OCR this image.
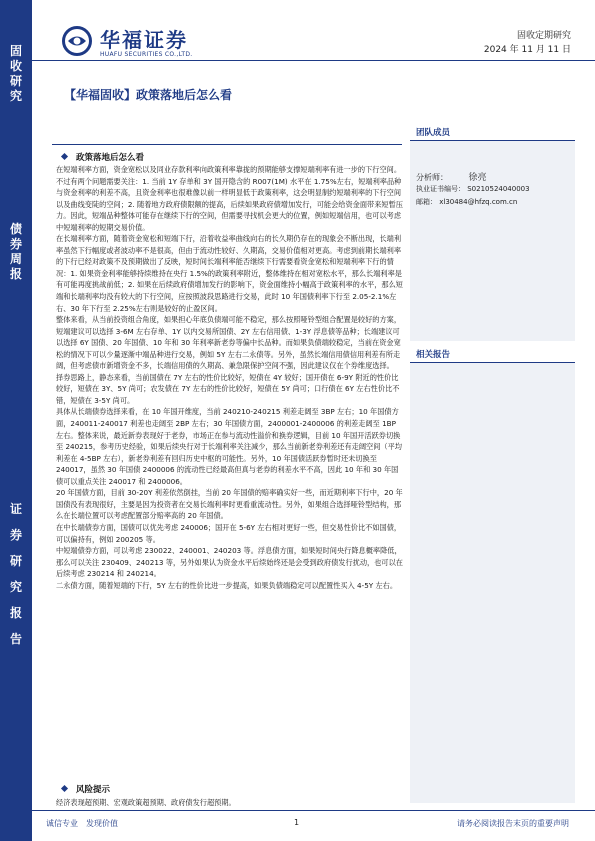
固
收
研
究
债
券
周
报
证
券
研
究
报
告
华福证券
HUAFU SECURITIES CO.,LTD.
固收定期研究
2024 年 11 月 11 日
【华福固收】政策落地后怎么看
政策落地后怎么看

在短端利率方面，资金宽松以及同业存款利率向政策利率靠拢的预期能够支撑短端利率有进一步的下行空间。不过有两个问题需要关注：1. 当前 1Y 存单和 3Y 国开隐含的 R007(1M) 水平在 1.75%左右，短端利率品种与资金利率的利差不高，且资金利率也很难像以前一样明显低于政策利率，这会明显制约短端利率的下行空间以及曲线变陡的空间；2. 随着地方政府债限额的提高，后续如果政府债增加发行，可能会给资金面带来短暂压力。因此，短端品种整体可能存在继续下行的空间，但需要寻找机会更大的位置，例如短端信用，也可以考虑中短端利率的短期交易价值。

在长端利率方面，随着资金宽松和短端下行，沿着收益率曲线向右的长久期仍存在的现象会不断出现，长端利率虽然下行幅度或者波动率不是很高，但由于流动性较好、久期高，交易价值相对更高。考虑到前期长端利率的下行已经对政策不及预期做出了反映，短时间长端利率能否继续下行需要看资金宽松和短端利率下行的情况：1. 如果资金利率能够持续维持在央行 1.5%的政策利率附近，整体维持在相对宽松水平，那么长端利率是有可能再度挑战前低；2. 如果在后续政府债增加发行的影响下，资金面维持小幅高于政策利率的水平，那么短端和长端利率均没有较大的下行空间，应按照波段思路进行交易，此时 10 年国债利率下行至 2.05-2.1%左右、30 年下行至 2.25%左右则是较好的止盈区间。

整体来看，从当前投资组合角度，如果担心年底负债端可能不稳定，那么按照哑铃型组合配置是较好的方案，短端建议可以选择 3-6M 左右存单、1Y 以内交易所国债、2Y 左右信用债、1-3Y 浮息债等品种；长端建议可以选择 6Y 国债、20 年国债、10 年和 30 年利率新老券等偏中长品种。而如果负债端较稳定，当前在资金宽松的情况下可以少量逐渐中端品种进行交易，例如 5Y 左右二永债等。另外，虽然长端信用债信用利差有所走阔，但考虑债市新增资金不多，长端信用债的久期高、兼急限保护空间不强，因此建议仅在个券维度选择。

择券思路上，静态来看，当前国债在 7Y 左右的性价比较好，短债在 4Y 较好；国开债在 6-9Y 附近的性价比较好，短债在 3Y、5Y 尚可；农发债在 7Y 左右的性价比较好，短债在 5Y 尚可；口行债在 6Y 左右性价比不错，短债在 3-5Y 尚可。

具体从长端债券选择来看，在 10 年国开维度，当前 240210-240215 利差走阔至 3BP 左右；10 年国债方面，240011-240017 利差也走阔至 2BP 左右；30 年国债方面，2400001-2400006 的利差走阔至 1BP 左右。整体来说，最近新券表现好于老券，市场正在参与流动性溢价和换券逻辑，目前 10 年国开活跃券切换至 240215，参考历史经验，如果后续央行对于长端利率关注减少，那么当前新老券利差还有走阔空间（平均利差在 4-5BP 左右），新老券利差有回归历史中枢的可能性。另外，10 年国债活跃券暂时还未切换至 240017，虽然 30 年国债 2400006 的流动性已经最高但真与老券的利差水平不高，因此 10 年和 30 年国债可以重点关注 240017 和 2400006。

20 年国债方面，目前 30-20Y 利差依然倒挂，当前 20 年国债的赔率确实好一些，而近期利率下行中，20 年国债没有表现很好，主要是因为投资者在交易长端利率时更看重流动性。另外，如果组合选择哑铃型结构，那么在长端位置可以考虑配置部分赔率高的 20 年国债。

在中长端债券方面，国债可以优先考虑 240006；国开在 5-6Y 左右相对更好一些，但交易性价比不如国债，可以偏持有，例如 200205 等。

中短端债券方面，可以考虑 230022、240001、240203 等。浮息债方面，如果短时间央行降息概率降低，那么可以关注 230409、240213 等，另外如果认为资金水平后续始终还是会受到政府债发行扰动，也可以在后续考虑 230214 和 240214。

二永债方面，随着短端的下行，5Y 左右的性价比进一步提高，如果负债端稳定可以配置性买入 4-5Y 左右。

风险提示
经济表现超预期、宏观政策超预期、政府债发行超预期。
团队成员
分析师： 徐亮
执业证书编号： S0210524040003
邮箱： xl30484@hfzq.com.cn
相关报告
诚信专业　发现价值	1	请务必阅读报告末页的重要声明
